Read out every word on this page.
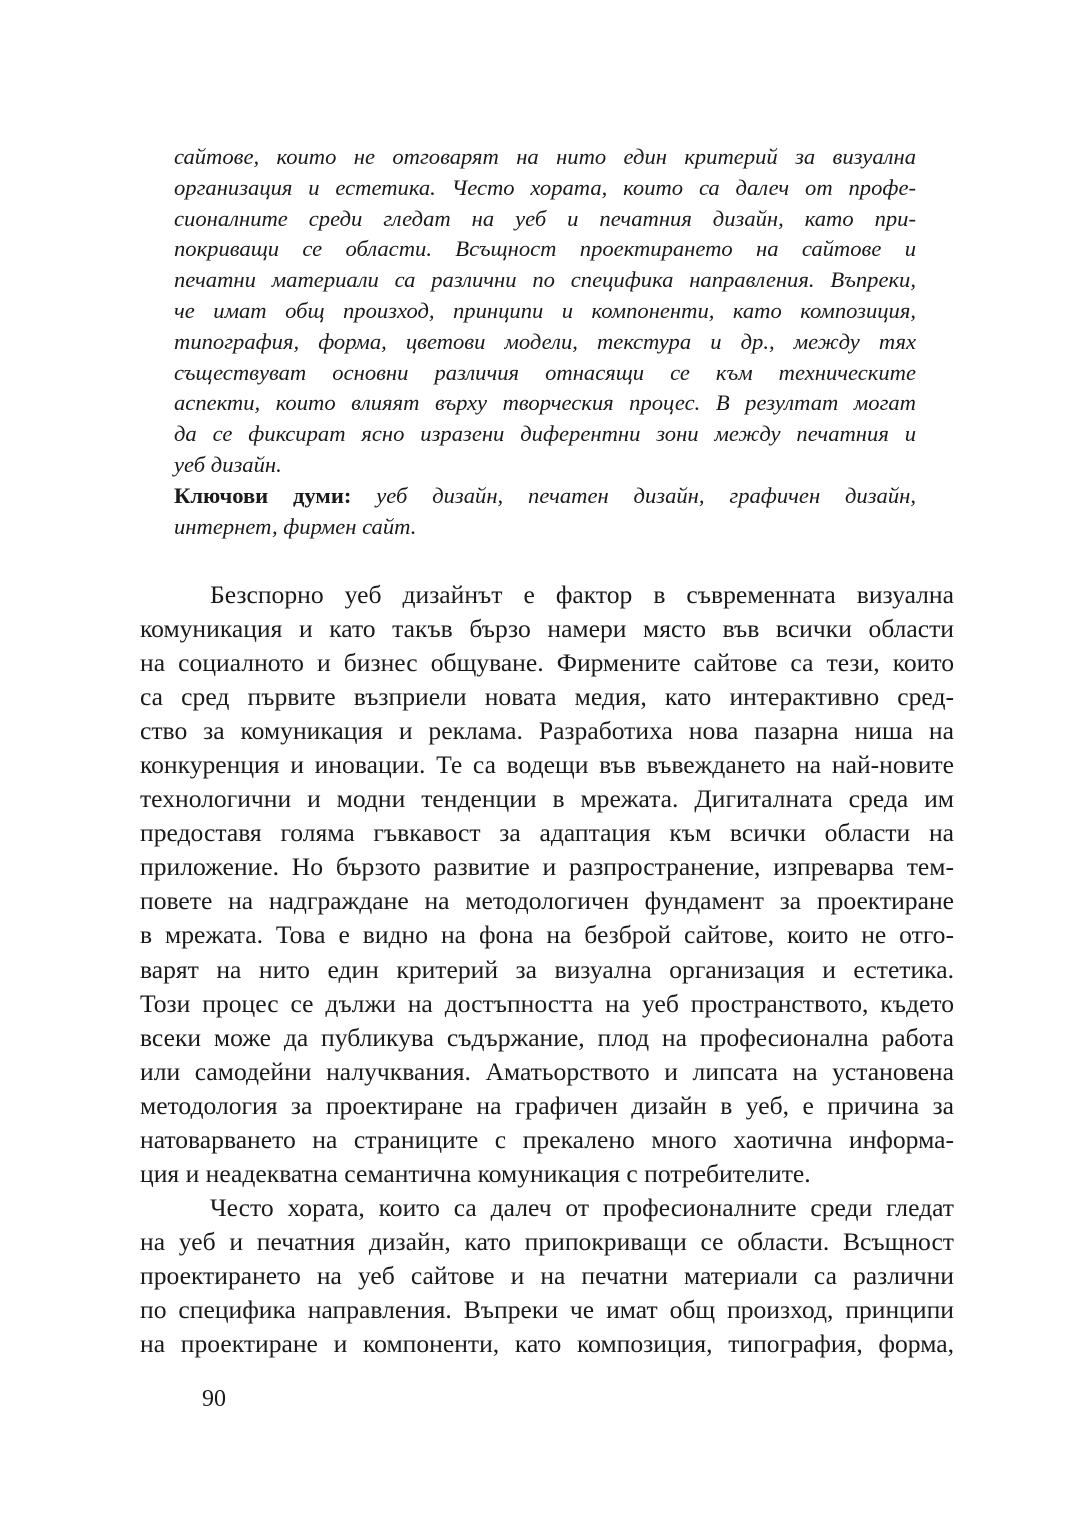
сайтове, които не отговарят на нито един критерий за визуална
организация и естетика. Често хората, които са далеч от профе-
сионалните среди гледат на уеб и печатния дизайн, като при-
покриващи се области. Всъщност проектирането на сайтове и
печатни материали са различни по специфика направления. Въпреки,
че имат общ произход, принципи и компоненти, като композиция,
типография, форма, цветови модели, текстура и др., между тях
съществуват основни различия отнасящи се към техническите
аспекти, които влияят върху творческия процес. В резултат могат
да се фиксират ясно изразени диферентни зони между печатния и
уеб дизайн.
Ключови думи: уеб дизайн, печатен дизайн, графичен дизайн,
интернет, фирмен сайт.
Безспорно уеб дизайнът е фактор в съвременната визуална
комуникация и като такъв бързо намери място във всички области
на социалното и бизнес общуване. Фирмените сайтове са тези, които
са сред първите възприели новата медия, като интерактивно сред-
ство за комуникация и реклама. Разработиха нова пазарна ниша на
конкуренция и иновации. Те са водещи във въвеждането на най-новите
технологични и модни тенденции в мрежата. Дигиталната среда им
предоставя голяма гъвкавост за адаптация към всички области на
приложение. Но бързото развитие и разпространение, изпреварва тем-
повете на надграждане на методологичен фундамент за проектиране
в мрежата. Това е видно на фона на безброй сайтове, които не отго-
варят на нито един критерий за визуална организация и естетика.
Този процес се дължи на достъпността на уеб пространството, където
всеки може да публикува съдържание, плод на професионална работа
или самодейни налучквания. Аматьорството и липсата на установена
методология за проектиране на графичен дизайн в уеб, е причина за
натоварването на страниците с прекалено много хаотична информа-
ция и неадекватна семантична комуникация с потребителите.
Често хората, които са далеч от професионалните среди гледат
на уеб и печатния дизайн, като припокриващи се области. Всъщност
проектирането на уеб сайтове и на печатни материали са различни
по специфика направления. Въпреки че имат общ произход, принципи
на проектиране и компоненти, като композиция, типография, форма,
90
